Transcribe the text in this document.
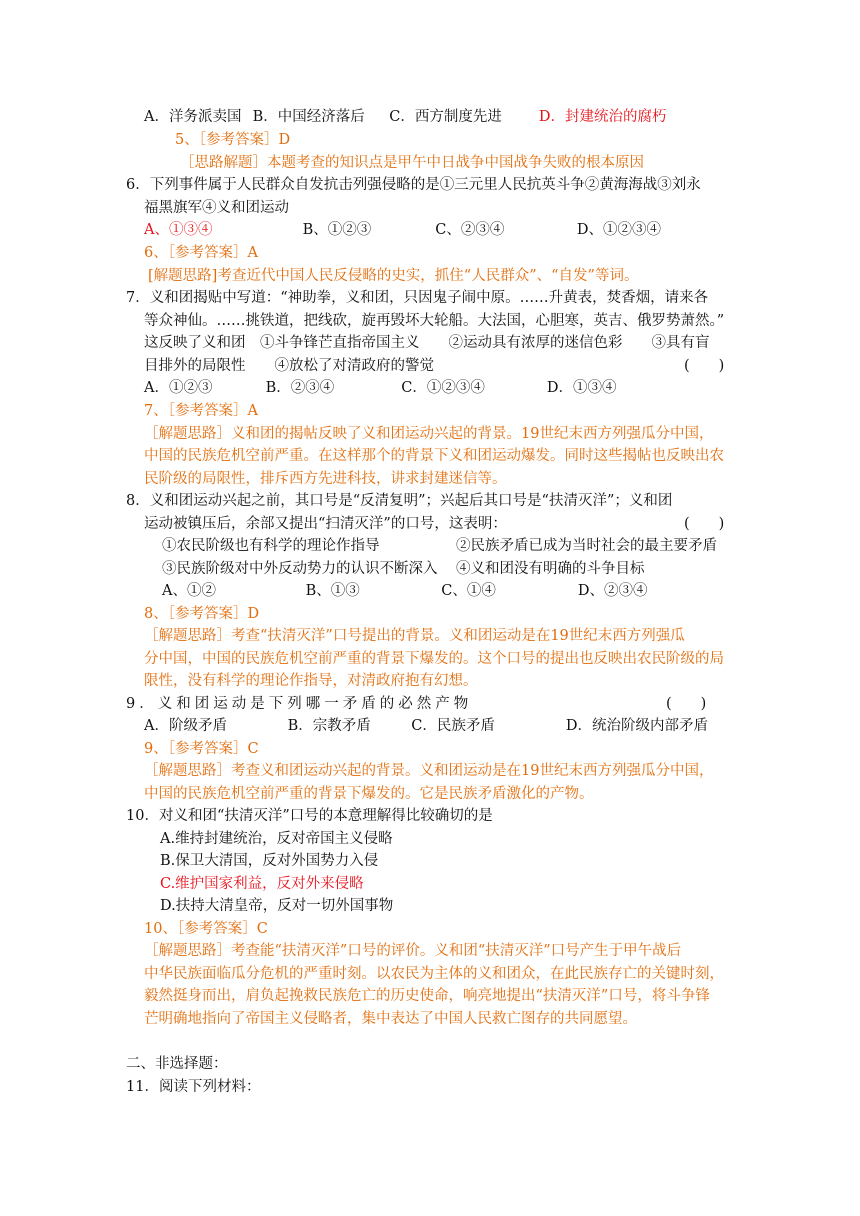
A．洋务派卖国 B．中国经济落后 C．西方制度先进	D．封建统治的腐朽
5、［参考答案］D
［思路解题］本题考查的知识点是甲午中日战争中国战争失败的根本原因
6．下列事件属于人民群众自发抗击列强侵略的是①三元里人民抗英斗争②黄海海战③刘永
福黑旗军④义和团运动
A、①③④	B、①②③	C、②③④	D、①②③④
6、［参考答案］A
[解题思路]考查近代中国人民反侵略的史实，抓住“人民群众”、“自发”等词。
7．义和团揭贴中写道：“神助拳，义和团，只因鬼子闹中原。……升黄表，焚香烟，请来各
等众神仙。……挑铁道，把线砍，旋再毁坏大轮船。大法国，心胆寒，英吉、俄罗势萧然。”
这反映了义和团　①斗争锋芒直指帝国主义　　②运动具有浓厚的迷信色彩　　③具有盲
目排外的局限性　　④放松了对清政府的警觉	(　　)
A．①②③	B．②③④	C．①②③④	D．①③④
7、［参考答案］A
［解题思路］义和团的揭帖反映了义和团运动兴起的背景。19世纪末西方列强瓜分中国，
中国的民族危机空前严重。在这样那个的背景下义和团运动爆发。同时这些揭帖也反映出农
民阶级的局限性，排斥西方先进科技，讲求封建迷信等。
8．义和团运动兴起之前，其口号是“反清复明”；兴起后其口号是“扶清灭洋”；义和团
运动被镇压后，余部又提出“扫清灭洋”的口号，这表明：	(　　)
①农民阶级也有科学的理论作指导	②民族矛盾已成为当时社会的最主要矛盾
③民族阶级对中外反动势力的认识不断深入 ④义和团没有明确的斗争目标
A、①②	B、①③	C、①④	D、②③④
8、［参考答案］D
［解题思路］考查“扶清灭洋”口号提出的背景。义和团运动是在19世纪末西方列强瓜
分中国，中国的民族危机空前严重的背景下爆发的。这个口号的提出也反映出农民阶级的局
限性，没有科学的理论作指导，对清政府抱有幻想。
9．义和团运动是下列哪一矛盾的必然产物	(　　)
A．阶级矛盾	B．宗教矛盾	C．民族矛盾	D．统治阶级内部矛盾
9、［参考答案］C
［解题思路］考查义和团运动兴起的背景。义和团运动是在19世纪末西方列强瓜分中国，
中国的民族危机空前严重的背景下爆发的。它是民族矛盾激化的产物。
10．对义和团“扶清灭洋”口号的本意理解得比较确切的是
A.维持封建统治，反对帝国主义侵略
B.保卫大清国，反对外国势力入侵
C.维护国家利益，反对外来侵略
D.扶持大清皇帝，反对一切外国事物
10、［参考答案］C
［解题思路］考查能“扶清灭洋”口号的评价。义和团“扶清灭洋”口号产生于甲午战后
中华民族面临瓜分危机的严重时刻。以农民为主体的义和团众，在此民族存亡的关键时刻，
毅然挺身而出，肩负起挽救民族危亡的历史使命，响亮地提出“扶清灭洋”口号，将斗争锋
芒明确地指向了帝国主义侵略者，集中表达了中国人民救亡图存的共同愿望。
二、非选择题：
11．阅读下列材料：
